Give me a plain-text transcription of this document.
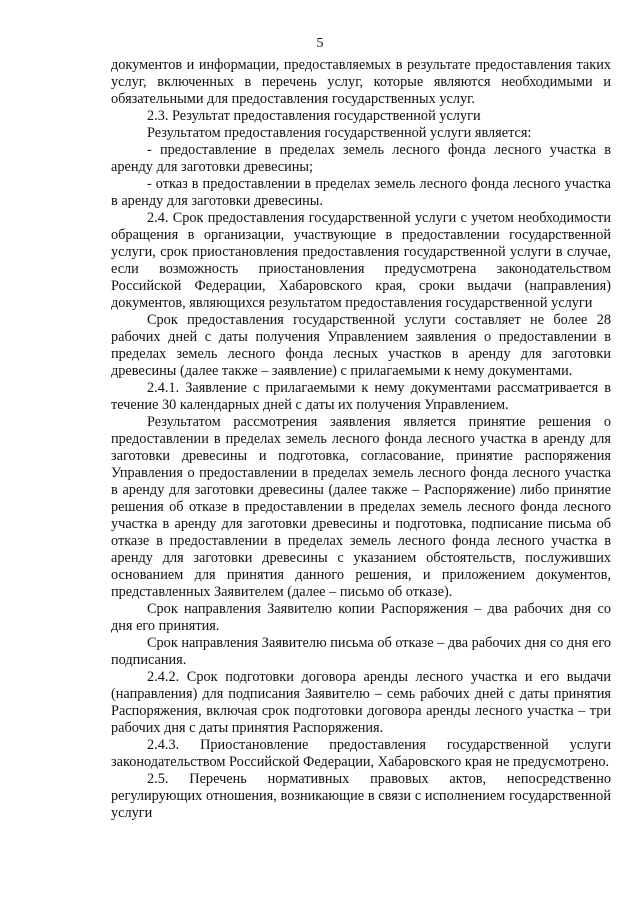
5

документов и информации, предоставляемых в результате предоставления таких услуг, включенных в перечень услуг, которые являются необходимыми и обязательными для предоставления государственных услуг.

2.3. Результат предоставления государственной услуги

Результатом предоставления государственной услуги является:

- предоставление в пределах земель лесного фонда лесного участка в аренду для заготовки древесины;

- отказ в предоставлении в пределах земель лесного фонда лесного участка в аренду для заготовки древесины.

2.4. Срок предоставления государственной услуги с учетом необходимости обращения в организации, участвующие в предоставлении государственной услуги, срок приостановления предоставления государственной услуги в случае, если возможность приостановления предусмотрена законодательством Российской Федерации, Хабаровского края, сроки выдачи (направления) документов, являющихся результатом предоставления государственной услуги

Срок предоставления государственной услуги составляет не более 28 рабочих дней с даты получения Управлением заявления о предоставлении в пределах земель лесного фонда лесных участков в аренду для заготовки древесины (далее также – заявление) с прилагаемыми к нему документами.

2.4.1. Заявление с прилагаемыми к нему документами рассматривается в течение 30 календарных дней с даты их получения Управлением.

Результатом рассмотрения заявления является принятие решения о предоставлении в пределах земель лесного фонда лесного участка в аренду для заготовки древесины и подготовка, согласование, принятие распоряжения Управления о предоставлении в пределах земель лесного фонда лесного участка в аренду для заготовки древесины (далее также – Распоряжение) либо принятие решения об отказе в предоставлении в пределах земель лесного фонда лесного участка в аренду для заготовки древесины и подготовка, подписание письма об отказе в предоставлении в пределах земель лесного фонда лесного участка в аренду для заготовки древесины с указанием обстоятельств, послуживших основанием для принятия данного решения, и приложением документов, представленных Заявителем (далее – письмо об отказе).

Срок направления Заявителю копии Распоряжения – два рабочих дня со дня его принятия.

Срок направления Заявителю письма об отказе – два рабочих дня со дня его подписания.

2.4.2. Срок подготовки договора аренды лесного участка и его выдачи (направления) для подписания Заявителю – семь рабочих дней с даты принятия Распоряжения, включая срок подготовки договора аренды лесного участка – три рабочих дня с даты принятия Распоряжения.

2.4.3. Приостановление предоставления государственной услуги законодательством Российской Федерации, Хабаровского края не предусмотрено.

2.5. Перечень нормативных правовых актов, непосредственно регулирующих отношения, возникающие в связи с исполнением государственной услуги
